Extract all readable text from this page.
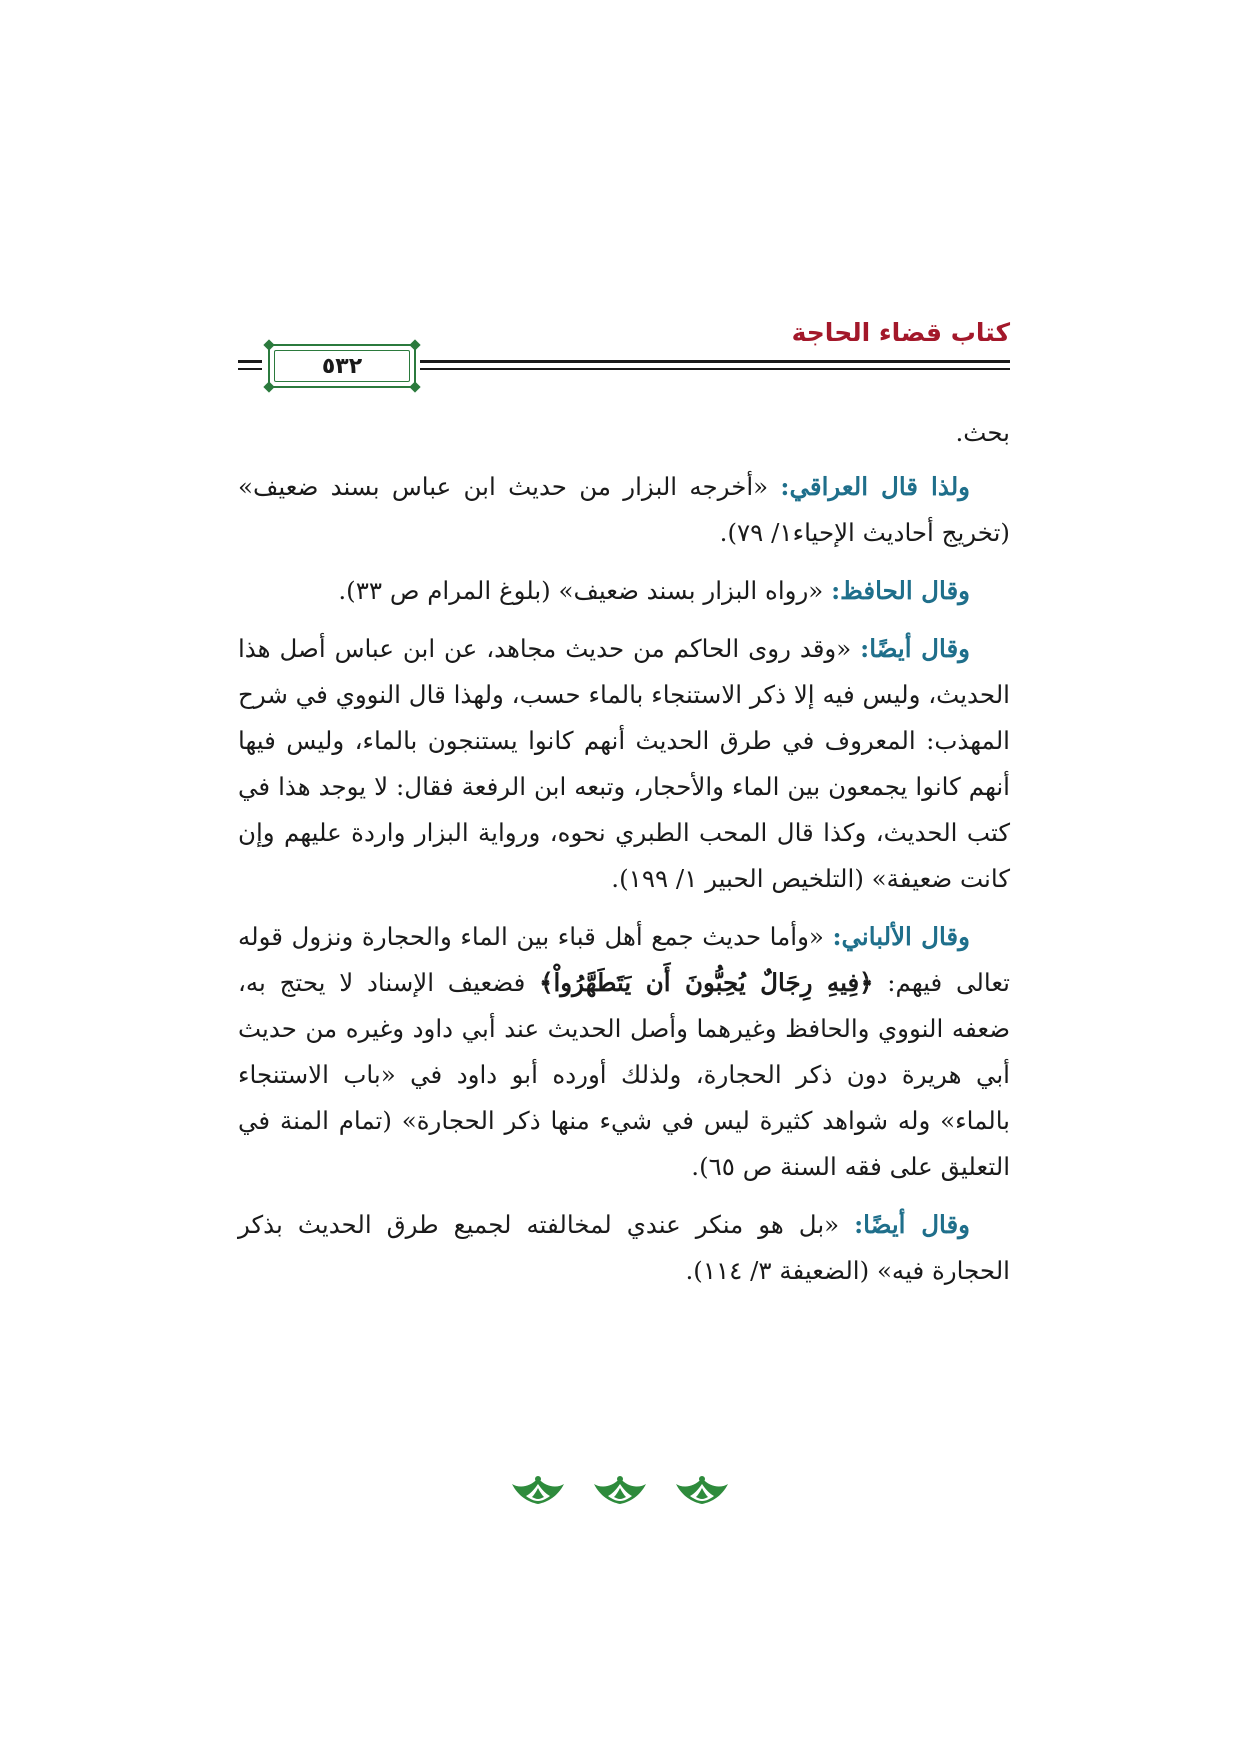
كتاب قضاء الحاجة
٥٣٢

بحث.

ولذا قال العراقي: «أخرجه البزار من حديث ابن عباس بسند ضعيف» (تخريج أحاديث الإحياء١/ ٧٩).

وقال الحافظ: «رواه البزار بسند ضعيف» (بلوغ المرام ص ٣٣).

وقال أيضًا: «وقد روى الحاكم من حديث مجاهد، عن ابن عباس أصل هذا الحديث، وليس فيه إلا ذكر الاستنجاء بالماء حسب، ولهذا قال النووي في شرح المهذب: المعروف في طرق الحديث أنهم كانوا يستنجون بالماء، وليس فيها أنهم كانوا يجمعون بين الماء والأحجار، وتبعه ابن الرفعة فقال: لا يوجد هذا في كتب الحديث، وكذا قال المحب الطبري نحوه، ورواية البزار واردة عليهم وإن كانت ضعيفة» (التلخيص الحبير ١/ ١٩٩).

وقال الألباني: «وأما حديث جمع أهل قباء بين الماء والحجارة ونزول قوله تعالى فيهم: ﴿فِيهِ رِجَالٌ يُحِبُّونَ أَن يَتَطَهَّرُواْ﴾ فضعيف الإسناد لا يحتج به، ضعفه النووي والحافظ وغيرهما وأصل الحديث عند أبي داود وغيره من حديث أبي هريرة دون ذكر الحجارة، ولذلك أورده أبو داود في «باب الاستنجاء بالماء» وله شواهد كثيرة ليس في شيء منها ذكر الحجارة» (تمام المنة في التعليق على فقه السنة ص ٦٥).

وقال أيضًا: «بل هو منكر عندي لمخالفته لجميع طرق الحديث بذكر الحجارة فيه» (الضعيفة ٣/ ١١٤).
